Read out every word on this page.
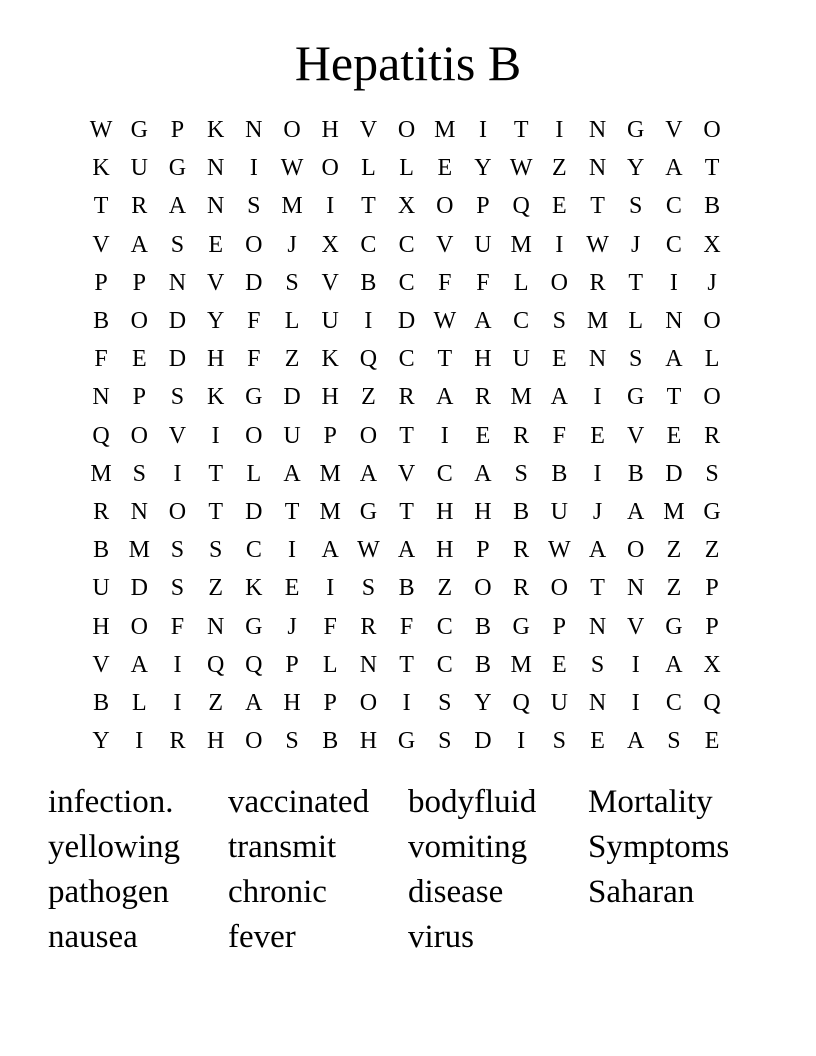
Hepatitis B
W G P K N O H V O M I	T	I	N G V O
K U G N	I W O L L E Y W Z N Y A T
T R A N S M I	T X O P Q E T	S C B
V A S	E O	J	X C C V U M I W J	C X
P	P N V D S V B C F	F	L O R T	I	J
B O D Y F	L U	I	D W A C S M L N O
F	E D H F	Z K Q C T H U E N S A L
N P	S K G D H Z R A R M A	I	G T O
Q O V	I	O U P O T	I	E R F	E V E R
M S	I	T L A M A V C A S B	I	B D S
R N O T D T M G T H H B U	J	A M G
B M S	S C	I	A W A H P R W A O Z Z
U D S	Z K E	I	S B Z O R O T N Z	P
H O F N G	J	F R F C B G P N V G P
V A	I	Q Q P	L N T C B M E	S	I	A X
B L	I	Z A H P O	I	S Y Q U N	I	C Q
Y	I	R H O S B H G S D	I	S	E A S	E
infection.	vaccinated	bodyfluid	Mortality
yellowing	transmit	vomiting	Symptoms
pathogen	chronic	disease	Saharan
nausea	fever	virus
